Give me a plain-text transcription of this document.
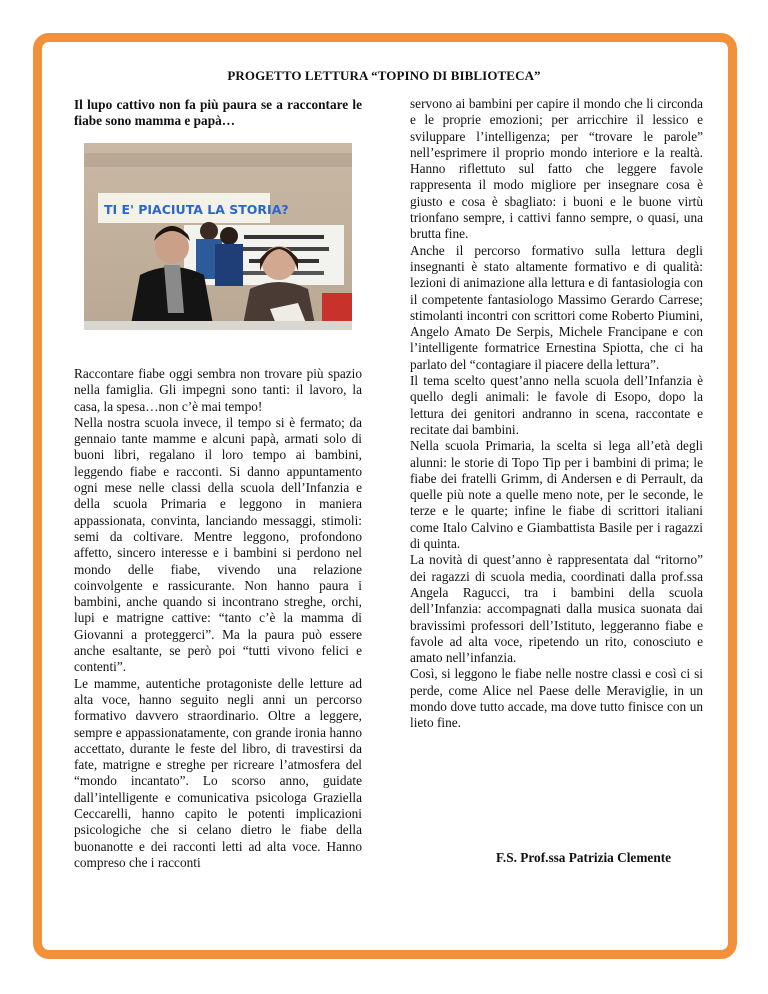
PROGETTO LETTURA “TOPINO DI BIBLIOTECA”
Il lupo cattivo non fa più paura se a raccontare le fiabe sono mamma e papà…
TI E' PIACIUTA LA STORIA?

Raccontare fiabe oggi sembra non trovare più spazio nella famiglia. Gli impegni sono tanti: il lavoro, la casa, la spesa…non c’è mai tempo!

Nella nostra scuola invece, il tempo si è fermato; da gennaio tante mamme e alcuni papà, armati solo di buoni libri, regalano il loro tempo ai bambini, leggendo fiabe e racconti. Si danno appuntamento ogni mese nelle classi della scuola dell’Infanzia e della scuola Primaria e leggono in maniera appassionata, convinta, lanciando messaggi, stimoli: semi da coltivare. Mentre leggono, profondono affetto, sincero interesse e i bambini si perdono nel mondo delle fiabe, vivendo una relazione coinvolgente e rassicurante. Non hanno paura i bambini, anche quando si incontrano streghe, orchi, lupi e matrigne cattive: “tanto c’è la mamma di Giovanni a proteggerci”. Ma la paura può essere anche esaltante, se però poi “tutti vivono felici e contenti”.

Le mamme, autentiche protagoniste delle letture ad alta voce, hanno seguito negli anni un percorso formativo davvero straordinario. Oltre a leggere, sempre e appassionatamente, con grande ironia hanno accettato, durante le feste del libro, di travestirsi da fate, matrigne e streghe per ricreare l’atmosfera del “mondo incantato”. Lo scorso anno, guidate dall’intelligente e comunicativa psicologa Graziella Ceccarelli, hanno capito le potenti implicazioni psicologiche che si celano dietro le fiabe della buonanotte e dei racconti letti ad alta voce. Hanno compreso che i racconti

servono ai bambini per capire il mondo che li circonda e le proprie emozioni; per arricchire il lessico e sviluppare l’intelligenza; per “trovare le parole” nell’esprimere il proprio mondo interiore e la realtà. Hanno riflettuto sul fatto che leggere favole rappresenta il modo migliore per insegnare cosa è giusto e cosa è sbagliato: i buoni e le buone virtù trionfano sempre, i cattivi fanno sempre, o quasi, una brutta fine.

Anche il percorso formativo sulla lettura degli insegnanti è stato altamente formativo e di qualità: lezioni di animazione alla lettura e di fantasiologia con il competente fantasiologo Massimo Gerardo Carrese; stimolanti incontri con scrittori come Roberto Piumini, Angelo Amato De Serpis, Michele Francipane e con l’intelligente formatrice Ernestina Spiotta, che ci ha parlato del “contagiare il piacere della lettura”.

Il tema scelto quest’anno nella scuola dell’Infanzia è quello degli animali: le favole di Esopo, dopo la lettura dei genitori andranno in scena, raccontate e recitate dai bambini.

Nella scuola Primaria, la scelta si lega all’età degli alunni: le storie di Topo Tip per i bambini di prima; le fiabe dei fratelli Grimm, di Andersen e di Perrault, da quelle più note a quelle meno note, per le seconde, le terze e le quarte; infine le fiabe di scrittori italiani come Italo Calvino e Giambattista Basile per i ragazzi di quinta.

La novità di quest’anno è rappresentata dal “ritorno” dei ragazzi di scuola media, coordinati dalla prof.ssa Angela Ragucci, tra i bambini della scuola dell’Infanzia: accompagnati dalla musica suonata dai bravissimi professori dell’Istituto, leggeranno fiabe e favole ad alta voce, ripetendo un rito, conosciuto e amato nell’infanzia.

Così, si leggono le fiabe nelle nostre classi e così ci si perde, come Alice nel Paese delle Meraviglie, in un mondo dove tutto accade, ma dove tutto finisce con un lieto fine.

F.S. Prof.ssa Patrizia Clemente
